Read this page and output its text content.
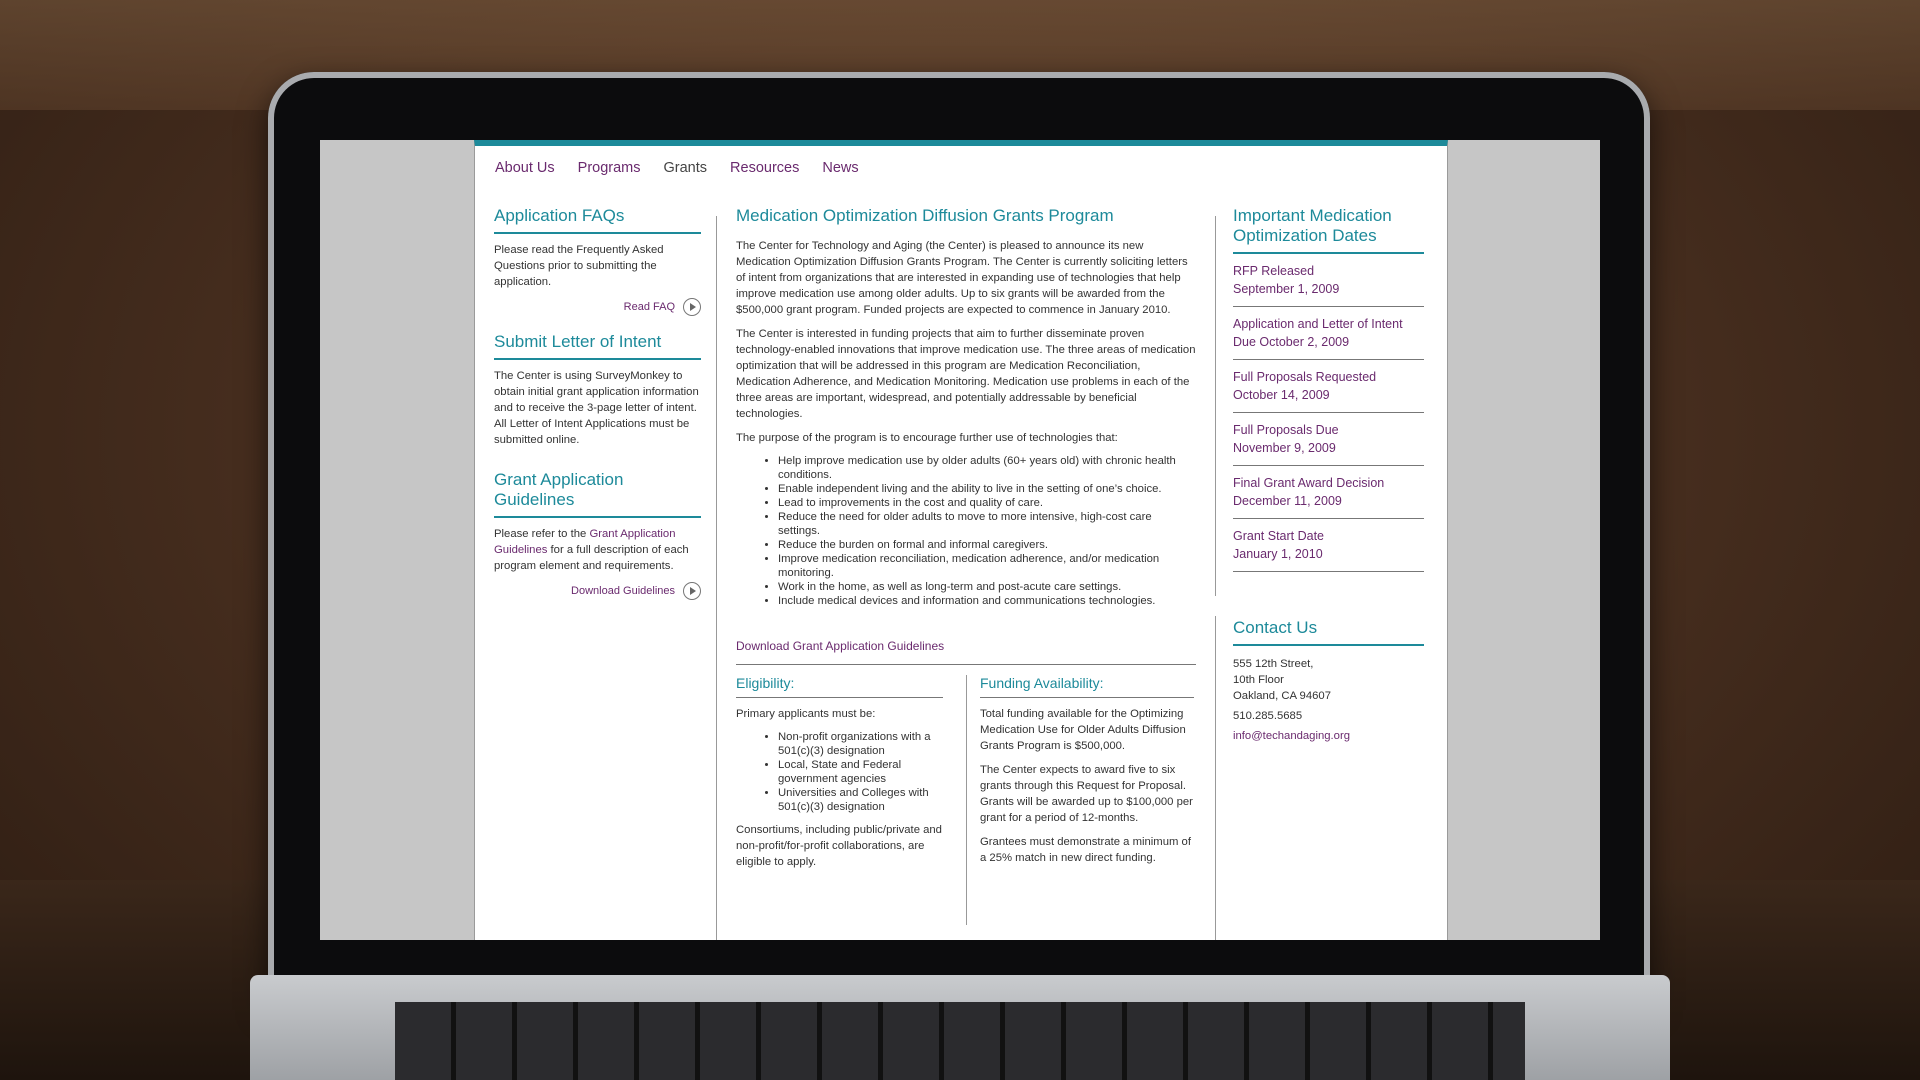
About Us Programs Grants Resources News
Application FAQs

Please read the Frequently Asked Questions prior to submitting the application.

Read FAQ
Submit Letter of Intent

The Center is using SurveyMonkey to obtain initial grant application information and to receive the 3-page letter of intent. All Letter of Intent Applications must be submitted online.

Grant Application Guidelines

Please refer to the Grant Application Guidelines for a full description of each program element and requirements.

Download Guidelines
Medication Optimization Diffusion Grants Program

The Center for Technology and Aging (the Center) is pleased to announce its new Medication Optimization Diffusion Grants Program. The Center is currently soliciting letters of intent from organizations that are interested in expanding use of technologies that help improve medication use among older adults. Up to six grants will be awarded from the $500,000 grant program. Funded projects are expected to commence in January 2010.

The Center is interested in funding projects that aim to further disseminate proven technology-enabled innovations that improve medication use. The three areas of medication optimization that will be addressed in this program are Medication Reconciliation, Medication Adherence, and Medication Monitoring. Medication use problems in each of the three areas are important, widespread, and potentially addressable by beneficial technologies.

The purpose of the program is to encourage further use of technologies that:

• Help improve medication use by older adults (60+ years old) with chronic health conditions.
• Enable independent living and the ability to live in the setting of one’s choice.
• Lead to improvements in the cost and quality of care.
• Reduce the need for older adults to move to more intensive, high-cost care settings.
• Reduce the burden on formal and informal caregivers.
• Improve medication reconciliation, medication adherence, and/or medication monitoring.
• Work in the home, as well as long-term and post-acute care settings.
• Include medical devices and information and communications technologies.

Download Grant Application Guidelines

Eligibility:

Primary applicants must be:

• Non-profit organizations with a 501(c)(3) designation
• Local, State and Federal government agencies
• Universities and Colleges with 501(c)(3) designation

Consortiums, including public/private and non-profit/for-profit collaborations, are eligible to apply.

Funding Availability:

Total funding available for the Optimizing Medication Use for Older Adults Diffusion Grants Program is $500,000.

The Center expects to award five to six grants through this Request for Proposal. Grants will be awarded up to $100,000 per grant for a period of 12-months.

Grantees must demonstrate a minimum of a 25% match in new direct funding.

Important Medication Optimization Dates
RFP Released
September 1, 2009
Application and Letter of Intent
Due October 2, 2009
Full Proposals Requested
October 14, 2009
Full Proposals Due
November 9, 2009
Final Grant Award Decision
December 11, 2009
Grant Start Date
January 1, 2010
Contact Us

555 12th Street,
10th Floor
Oakland, CA 94607

510.285.5685

info@techandaging.org
